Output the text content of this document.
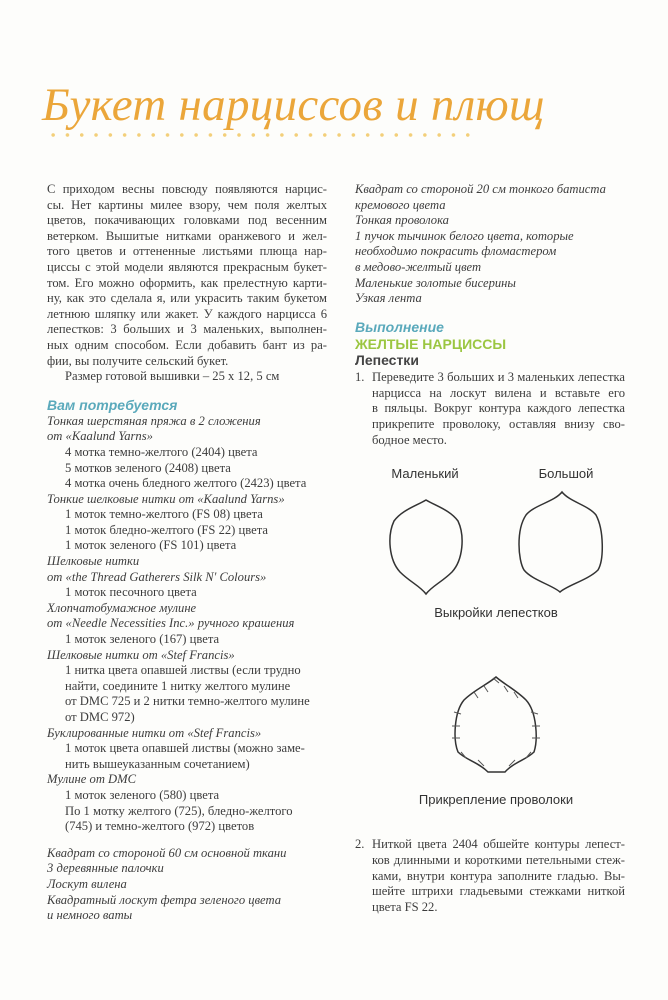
Букет нарциссов и плющ
С приходом весны повсюду появляются нарцис-
сы. Нет картины милее взору, чем поля желтых
цветов, покачивающих головками под весенним
ветерком. Вышитые нитками оранжевого и жел-
того цветов и оттененные листьями плюща нар-
циссы с этой модели являются прекрасным букет-
том. Его можно оформить, как прелестную карти-
ну, как это сделала я, или украсить таким букетом
летнюю шляпку или жакет. У каждого нарцисса 6
лепестков: 3 больших и 3 маленьких, выполнен-
ных одним способом. Если добавить бант из ра-
фии, вы получите сельский букет.
Размер готовой вышивки – 25 х 12, 5 см
Вам потребуется
Тонкая шерстяная пряжа в 2 сложения
от «Kaalund Yarns»
4 мотка темно-желтого (2404) цвета
5 мотков зеленого (2408) цвета
4 мотка очень бледного желтого (2423) цвета
Тонкие шелковые нитки от «Kaalund Yarns»
1 моток темно-желтого (FS 08) цвета
1 моток бледно-желтого (FS 22) цвета
1 моток зеленого (FS 101) цвета
Шелковые нитки
от «the Thread Gatherers Silk N' Colours»
1 моток песочного цвета
Хлопчатобумажное мулине
от «Needle Necessities Inc.» ручного крашения
1 моток зеленого (167) цвета
Шелковые нитки от «Stef Francis»
1 нитка цвета опавшей листвы (если трудно
найти, соедините 1 нитку желтого мулине
от DMC 725 и 2 нитки темно-желтого мулине
от DMC 972)
Буклированные нитки от «Stef Francis»
1 моток цвета опавшей листвы (можно заме-
нить вышеуказанным сочетанием)
Мулине от DMC
1 моток зеленого (580) цвета
По 1 мотку желтого (725), бледно-желтого
(745) и темно-желтого (972) цветов
Квадрат со стороной 60 см основной ткани
3 деревянные палочки
Лоскут вилена
Квадратный лоскут фетра зеленого цвета
и немного ваты
Квадрат со стороной 20 см тонкого батиста
кремового цвета
Тонкая проволока
1 пучок тычинок белого цвета, которые
необходимо покрасить фломастером
в медово-желтый цвет
Маленькие золотые бисерины
Узкая лента
Выполнение
ЖЕЛТЫЕ НАРЦИССЫ
Лепестки
1. Переведите 3 больших и 3 маленьких лепестка
нарцисса на лоскут вилена и вставьте его
в пяльцы. Вокруг контура каждого лепестка
прикрепите проволоку, оставляя внизу сво-
бодное место.
2. Ниткой цвета 2404 обшейте контуры лепест-
ков длинными и короткими петельными стеж-
ками, внутри контура заполните гладью. Вы-
шейте штрихи гладьевыми стежками ниткой
цвета FS 22.
Маленький	Большой
Выкройки лепестков
Прикрепление проволоки
